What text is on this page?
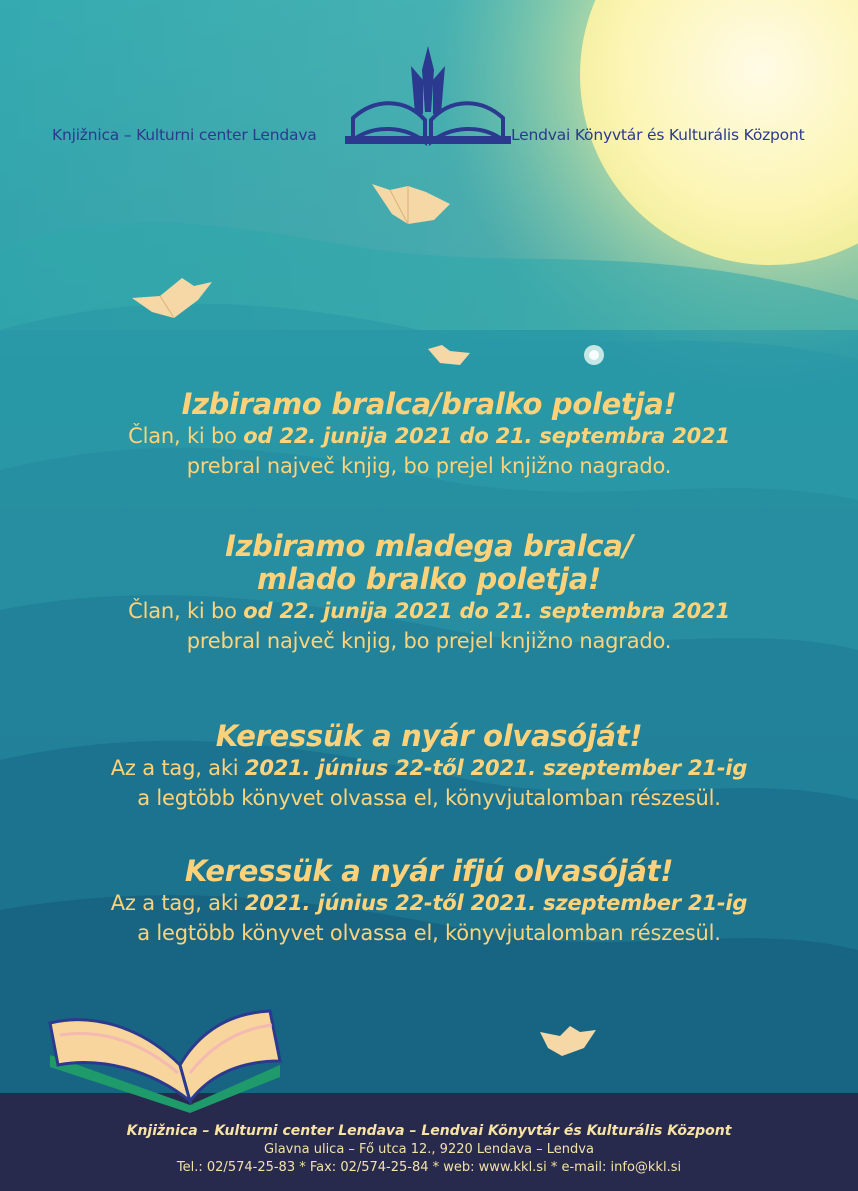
Knjižnica – Kulturni center Lendava	Lendvai Könyvtár és Kulturális Központ
Izbiramo bralca/bralko poletja!
Član, ki bo od 22. junija 2021 do 21. septembra 2021
prebral največ knjig, bo prejel knjižno nagrado.
Izbiramo mladega bralca/
mlado bralko poletja!
Član, ki bo od 22. junija 2021 do 21. septembra 2021
prebral največ knjig, bo prejel knjižno nagrado.
Keressük a nyár olvasóját!
Az a tag, aki 2021. június 22-től 2021. szeptember 21-ig
a legtöbb könyvet olvassa el, könyvjutalomban részesül.
Keressük a nyár ifjú olvasóját!
Az a tag, aki 2021. június 22-től 2021. szeptember 21-ig
a legtöbb könyvet olvassa el, könyvjutalomban részesül.
Knjižnica – Kulturni center Lendava – Lendvai Könyvtár és Kulturális Központ
Glavna ulica – Fő utca 12., 9220 Lendava – Lendva
Tel.: 02/574-25-83 * Fax: 02/574-25-84 * web: www.kkl.si * e-mail: info@kkl.si
